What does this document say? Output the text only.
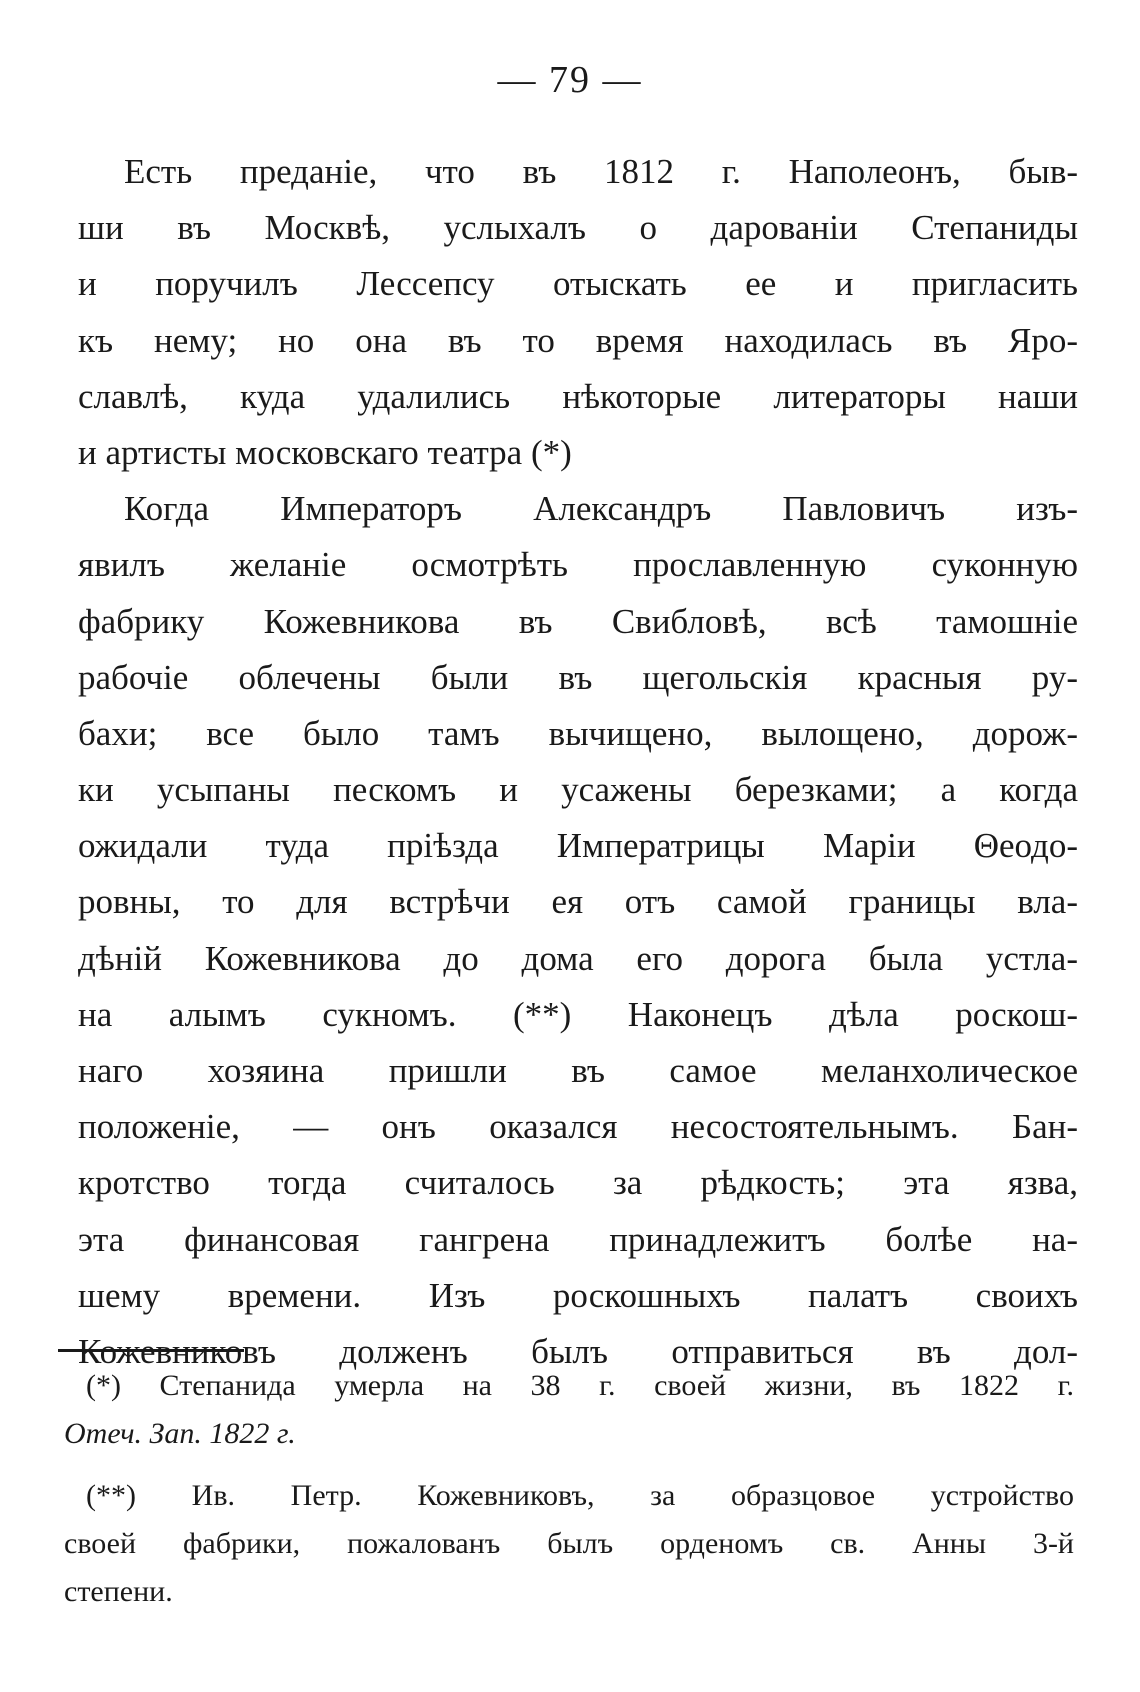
— 79 —
Есть преданіе, что въ 1812 г. Наполеонъ, быв-
ши въ Москвѣ, услыхалъ о дарованіи Степаниды
и поручилъ Лессепсу отыскать ее и пригласить
къ нему; но она въ то время находилась въ Яро-
славлѣ, куда удалились нѣкоторые литераторы наши
и артисты московскаго театра (*)
Когда Императоръ Александръ Павловичъ изъ-
явилъ желаніе осмотрѣть прославленную суконную
фабрику Кожевникова въ Свибловѣ, всѣ тамошніе
рабочіе облечены были въ щегольскія красныя ру-
бахи; все было тамъ вычищено, вылощено, дорож-
ки усыпаны пескомъ и усажены березками; а когда
ожидали туда пріѣзда Императрицы Маріи Θеодо-
ровны, то для встрѣчи ея отъ самой границы вла-
дѣній Кожевникова до дома его дорога была устла-
на алымъ сукномъ. (**) Наконецъ дѣла роскош-
наго хозяина пришли въ самое меланхолическое
положеніе, — онъ оказался несостоятельнымъ. Бан-
кротство тогда считалось за рѣдкость; эта язва,
эта финансовая гангрена принадлежитъ болѣе на-
шему времени. Изъ роскошныхъ палатъ своихъ
Кожевниковъ долженъ былъ отправиться въ дол-
(*) Степанида умерла на 38 г. своей жизни, въ 1822 г.
Отеч. Зап. 1822 г.
(**) Ив. Петр. Кожевниковъ, за образцовое устройство
своей фабрики, пожалованъ былъ орденомъ св. Анны 3-й
степени.
